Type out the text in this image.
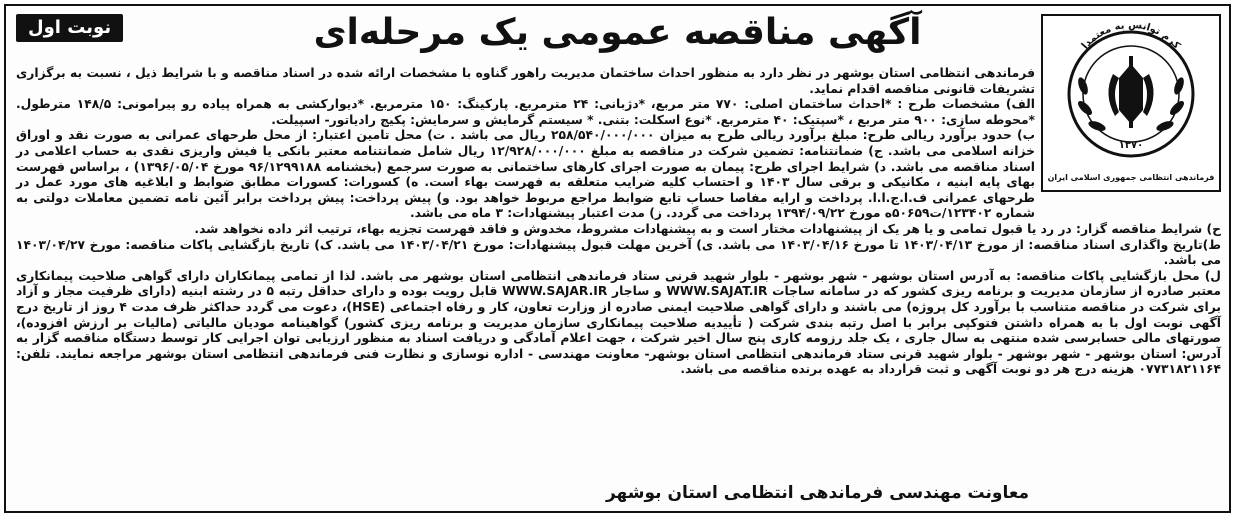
نوبت اول	آگهی مناقصه عمومی یک مرحله‌ای	کرم توانس به معتمدا
۱۳۷۰
فرماندهی انتظامی جمهوری اسلامی ایران

فرماندهی انتظامی استان بوشهر در نظر دارد به منظور احداث ساختمان مدیریت راهور گناوه با مشخصات ارائه شده در اسناد مناقصه و با شرایط ذیل ، نسبت به برگزاری تشریفات قانونی مناقصه اقدام نماید.

الف) مشخصات طرح : *احداث ساختمان اصلی: ۷۷۰ متر مربع، *دژبانی: ۲۴ مترمربع. پارکینگ: ۱۵۰ مترمربع. *دیوارکشی به همراه پیاده رو پیرامونی: ۱۴۸/۵ مترطول. *محوطه سازی: ۹۰۰ متر مربع ، *سپتیک: ۴۰ مترمربع. *نوع اسکلت: بتنی. * سیستم گرمایش و سرمایش: پکیج رادیاتور- اسپیلت.

ب) حدود برآورد ریالی طرح: مبلغ برآورد ریالی طرح به میزان ۲۵۸/۵۴۰/۰۰۰/۰۰۰ ریال می باشد . ت) محل تامین اعتبار: از محل طرحهای عمرانی به صورت نقد و اوراق خزانه اسلامی می باشد. ج) ضمانتنامه: تضمین شرکت در مناقصه به مبلغ ۱۲/۹۲۸/۰۰۰/۰۰۰ ریال شامل ضمانتنامه معتبر بانکی یا فیش واریزی نقدی به حساب اعلامی در اسناد مناقصه می باشد. د) شرایط اجرای طرح: پیمان به صورت اجرای کارهای ساختمانی به صورت سرجمع (بخشنامه ۹۶/۱۲۹۹۱۸۸ مورخ ۱۳۹۶/۰۵/۰۴) ، براساس فهرست بهای پایه ابنیه ، مکانیکی و برقی سال ۱۴۰۳ و احتساب کلیه ضرایب متعلقه به فهرست بهاء است. ه) کسورات: کسورات مطابق ضوابط و ابلاغیه های مورد عمل در طرحهای عمرانی ف.ا.ج.ا.ا. پرداخت و ارایه مفاصا حساب تابع ضوابط مراجع مربوط خواهد بود. و) پیش پرداخت: پیش پرداخت برابر آئین نامه تضمین معاملات دولتی به شماره ۱۲۳۴۰۲/ت۵۰۶۵۹ه مورخ ۱۳۹۴/۰۹/۲۲ پرداخت می گردد. ز) مدت اعتبار پیشنهادات: ۳ ماه می باشد.

ح) شرایط مناقصه گزار: در رد یا قبول تمامی و یا هر یک از پیشنهادات مختار است و به پیشنهادات مشروط، مخدوش و فاقد فهرست تجزیه بهاء، ترتیب اثر داده نخواهد شد.

ط)تاریخ واگذاری اسناد مناقصه: از مورخ ۱۴۰۳/۰۴/۱۳ تا مورخ ۱۴۰۳/۰۴/۱۶ می باشد. ی) آخرین مهلت قبول پیشنهادات: مورخ ۱۴۰۳/۰۴/۲۱ می باشد. ک) تاریخ بازگشایی پاکات مناقصه: مورخ ۱۴۰۳/۰۴/۲۷ می باشد.

ل) محل بازگشایی پاکات مناقصه: به آدرس استان بوشهر - شهر بوشهر - بلوار شهید قرنی ستاد فرماندهی انتظامی استان بوشهر می باشد. لذا از تمامی پیمانکاران دارای گواهی صلاحیت پیمانکاری معتبر صادره از سازمان مدیریت و برنامه ریزی کشور که در سامانه ساجات WWW.SAJAT.IR و ساجار WWW.SAJAR.IR قابل رویت بوده و دارای حداقل رتبه ۵ در رشته ابنیه (دارای ظرفیت مجاز و آزاد برای شرکت در مناقصه متناسب با برآورد کل پروژه) می باشند و دارای گواهی صلاحیت ایمنی صادره از وزارت تعاون، کار و رفاه اجتماعی (HSE)، دعوت می گردد حداکثر ظرف مدت ۴ روز از تاریخ درج آگهی نوبت اول با به همراه داشتن فتوکپی برابر با اصل رتبه بندی شرکت ( تأییدیه صلاحیت پیمانکاری سازمان مدیریت و برنامه ریزی کشور) گواهینامه مودیان مالیاتی (مالیات بر ارزش افزوده)، صورتهای مالی حسابرسی شده منتهی به سال جاری ، یک جلد رزومه کاری پنج سال اخیر شرکت ، جهت اعلام آمادگی و دریافت اسناد به منظور ارزیابی توان اجرایی کار توسط دستگاه مناقصه گزار به آدرس: استان بوشهر - شهر بوشهر - بلوار شهید قرنی ستاد فرماندهی انتظامی استان بوشهر- معاونت مهندسی - اداره نوسازی و نظارت فنی فرماندهی انتظامی استان بوشهر مراجعه نمایند. تلفن: ۰۷۷۳۱۸۲۱۱۶۴ هزینه درج هر دو نوبت آگهی و ثبت قرارداد به عهده برنده مناقصه می باشد.

معاونت مهندسی فرماندهی انتظامی استان بوشهر
